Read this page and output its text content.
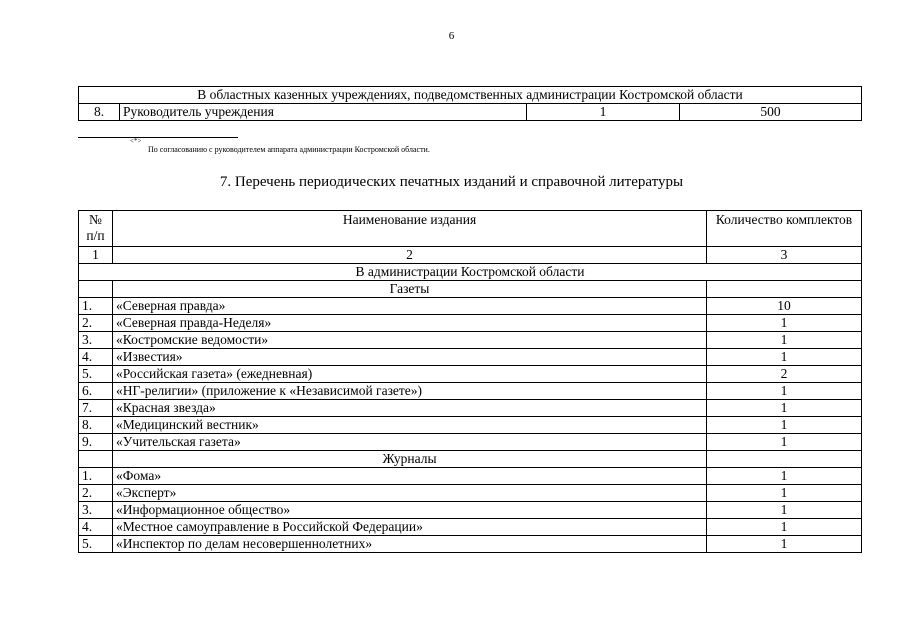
6
В областных казенных учреждениях, подведомственных администрации Костромской области
8.	Руководитель учреждения	1	500
<*>
По согласованию с руководителем аппарата администрации Костромской области.
7. Перечень периодических печатных изданий и справочной литературы
№ п/п	Наименование издания	Количество комплектов
1	2	3
В администрации Костромской области		
	Газеты	
1.	«Северная правда»	10
2.	«Северная правда-Неделя»	1
3.	«Костромские ведомости»	1
4.	«Известия»	1
5.	«Российская газета» (ежедневная)	2
6.	«НГ-религии» (приложение к «Независимой газете»)	1
7.	«Красная звезда»	1
8.	«Медицинский вестник»	1
9.	«Учительская газета»	1
	Журналы	
1.	«Фома»	1
2.	«Эксперт»	1
3.	«Информационное общество»	1
4.	«Местное самоуправление в Российской Федерации»	1
5.	«Инспектор по делам несовершеннолетних»	1
